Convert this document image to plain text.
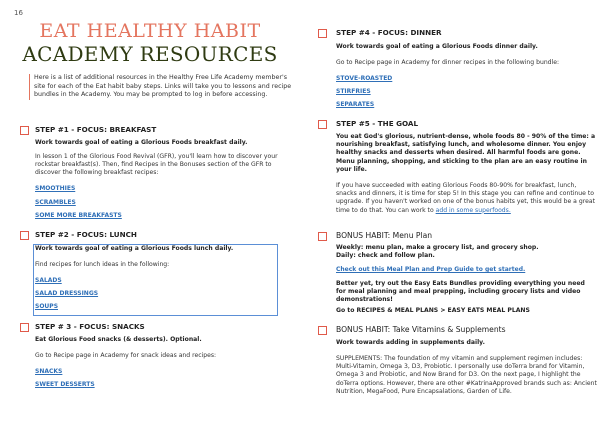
16
EAT HEALTHY HABIT
ACADEMY RESOURCES
Here is a list of additional resources in the Healthy Free Life Academy member's site for each of the Eat habit baby steps. Links will take you to lessons and recipe bundles in the Academy. You may be prompted to log in before accessing.
STEP #1 - FOCUS: BREAKFAST
Work towards goal of eating a Glorious Foods breakfast daily.
In lesson 1 of the Glorious Food Revival (GFR), you'll learn how to discover your rockstar breakfast(s). Then, find Recipes in the Bonuses section of the GFR to discover the following breakfast recipes:
SMOOTHIES
SCRAMBLES
SOME MORE BREAKFASTS
STEP #2 - FOCUS: LUNCH
Work towards goal of eating a Glorious Foods lunch daily.
Find recipes for lunch ideas in the following:
SALADS
SALAD DRESSINGS
SOUPS
STEP # 3 - FOCUS: SNACKS
Eat Glorious Food snacks (& desserts). Optional.
Go to Recipe page in Academy for snack ideas and recipes:
SNACKS
SWEET DESSERTS
STEP #4 - FOCUS: DINNER
Work towards goal of eating a Glorious Foods dinner daily.
Go to Recipe page in Academy for dinner recipes in the following bundle:
STOVE-ROASTED
STIRFRIES
SEPARATES
STEP #5 - THE GOAL
You eat God's glorious, nutrient-dense, whole foods 80 - 90% of the time: a nourishing breakfast, satisfying lunch, and wholesome dinner. You enjoy healthy snacks and desserts when desired. All harmful foods are gone. Menu planning, shopping, and sticking to the plan are an easy routine in your life.
If you have succeeded with eating Glorious Foods 80-90% for breakfast, lunch, snacks and dinners, it is time for step 5! In this stage you can refine and continue to upgrade. If you haven't worked on one of the bonus habits yet, this would be a great time to do that. You can work to add in some superfoods.
BONUS HABIT: Menu Plan
Weekly: menu plan, make a grocery list, and grocery shop.
Daily: check and follow plan.
Check out this Meal Plan and Prep Guide to get started.
Better yet, try out the Easy Eats Bundles providing everything you need for meal planning and meal prepping, including grocery lists and video demonstrations!
Go to RECIPES & MEAL PLANS > EASY EATS MEAL PLANS
BONUS HABIT: Take Vitamins & Supplements
Work towards adding in supplements daily.
SUPPLEMENTS: The foundation of my vitamin and supplement regimen includes: Multi-Vitamin, Omega 3, D3, Probiotic. I personally use doTerra brand for Vitamin, Omega 3 and Probiotic, and Now Brand for D3. On the next page, I highlight the doTerra options. However, there are other #KatrinaApproved brands such as: Ancient Nutrition, MegaFood, Pure Encapsalations, Garden of Life.
